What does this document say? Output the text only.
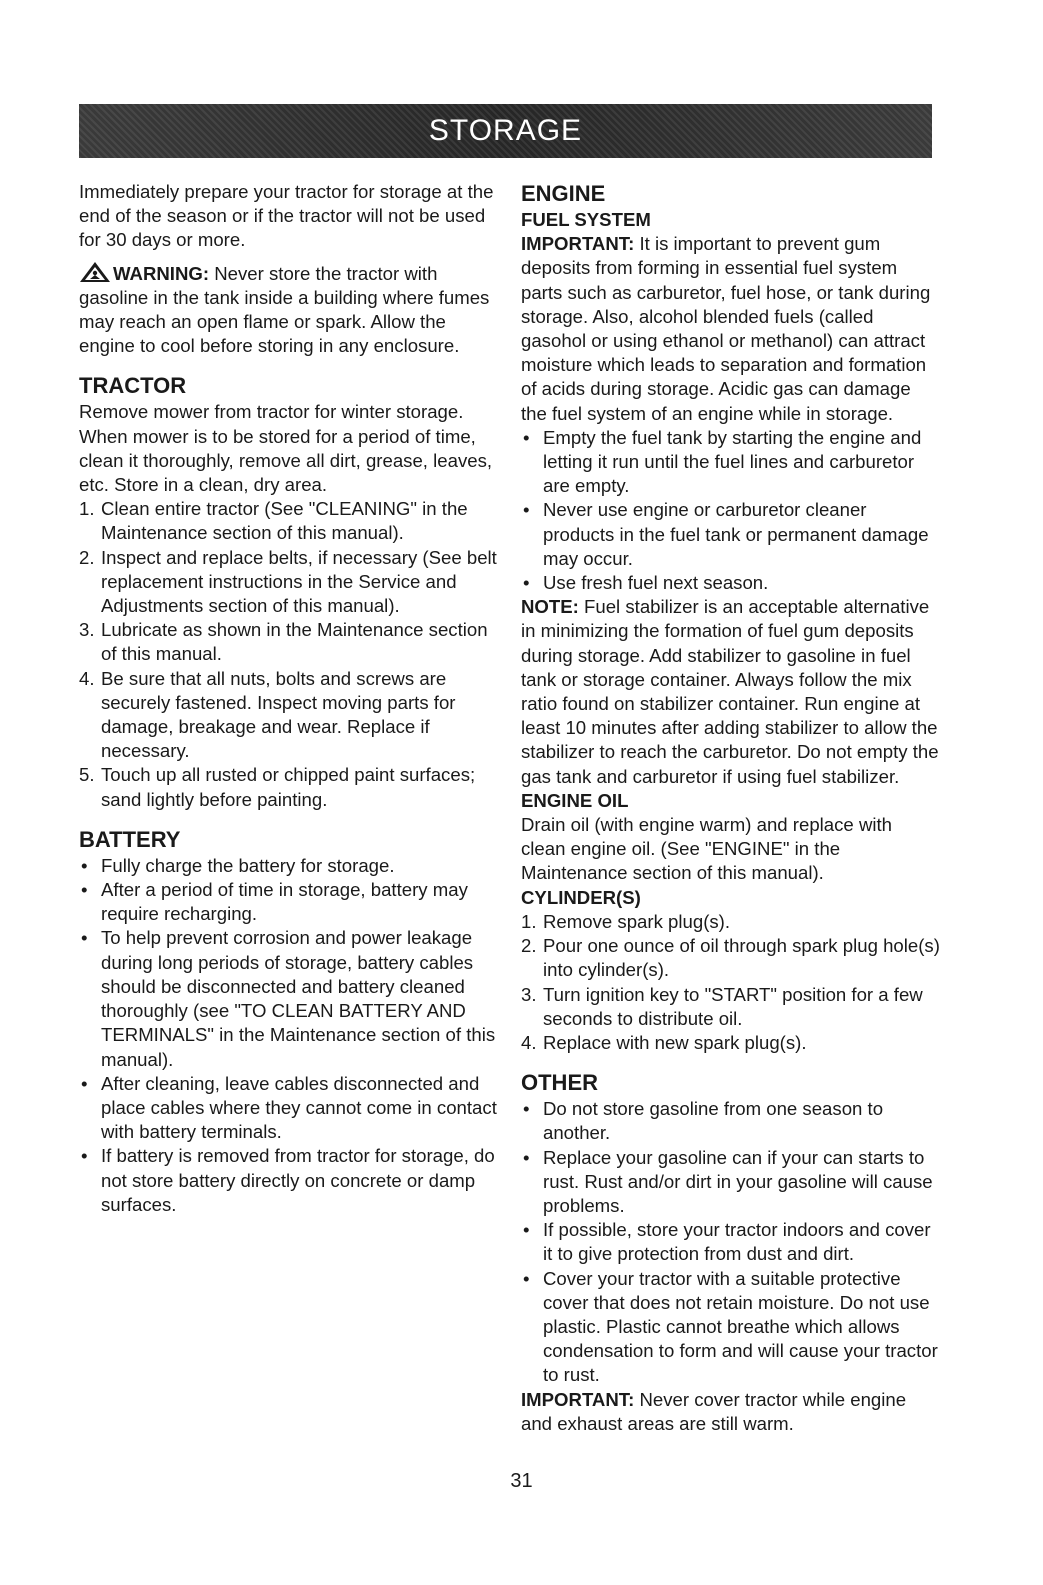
STORAGE

Immediately prepare your tractor for storage at the end of the season or if the tractor will not be used for 30 days or more.

WARNING: Never store the tractor with gasoline in the tank inside a building where fumes may reach an open flame or spark. Allow the engine to cool before storing in any enclosure.

TRACTOR

Remove mower from tractor for winter storage. When mower is to be stored for a period of time, clean it thoroughly, remove all dirt, grease, leaves, etc. Store in a clean, dry area.

1. Clean entire tractor (See "CLEANING" in the Maintenance section of this manual).
2. Inspect and replace belts, if necessary (See belt replacement instructions in the Service and Adjustments section of this manual).
3. Lubricate as shown in the Maintenance section of this manual.
4. Be sure that all nuts, bolts and screws are securely fastened. Inspect moving parts for damage, breakage and wear. Replace if necessary.
5. Touch up all rusted or chipped paint surfaces; sand lightly before painting.
BATTERY
• Fully charge the battery for storage.
• After a period of time in storage, battery may require recharging.
• To help prevent corrosion and power leakage during long periods of storage, battery cables should be disconnected and battery cleaned thoroughly (see "TO CLEAN BATTERY AND TERMINALS" in the Maintenance section of this manual).
• After cleaning, leave cables disconnected and place cables where they cannot come in contact with battery terminals.
• If battery is removed from tractor for storage, do not store battery directly on concrete or damp surfaces.
ENGINE
FUEL SYSTEM

IMPORTANT: It is important to prevent gum deposits from forming in essential fuel system parts such as carburetor, fuel hose, or tank during storage. Also, alcohol blended fuels (called gasohol or using ethanol or methanol) can attract moisture which leads to separation and formation of acids during storage. Acidic gas can damage the fuel system of an engine while in storage.

• Empty the fuel tank by starting the engine and letting it run until the fuel lines and carburetor are empty.
• Never use engine or carburetor cleaner products in the fuel tank or permanent damage may occur.
• Use fresh fuel next season.

NOTE: Fuel stabilizer is an acceptable alternative in minimizing the formation of fuel gum deposits during storage. Add stabilizer to gasoline in fuel tank or storage container. Always follow the mix ratio found on stabilizer container. Run engine at least 10 minutes after adding stabilizer to allow the stabilizer to reach the carburetor. Do not empty the gas tank and carburetor if using fuel stabilizer.

ENGINE OIL

Drain oil (with engine warm) and replace with clean engine oil. (See "ENGINE" in the Maintenance section of this manual).

CYLINDER(S)
1. Remove spark plug(s).
2. Pour one ounce of oil through spark plug hole(s) into cylinder(s).
3. Turn ignition key to "START" position for a few seconds to distribute oil.
4. Replace with new spark plug(s).
OTHER
• Do not store gasoline from one season to another.
• Replace your gasoline can if your can starts to rust. Rust and/or dirt in your gasoline will cause problems.
• If possible, store your tractor indoors and cover it to give protection from dust and dirt.
• Cover your tractor with a suitable protective cover that does not retain moisture. Do not use plastic. Plastic cannot breathe which allows condensation to form and will cause your tractor to rust.

IMPORTANT: Never cover tractor while engine and exhaust areas are still warm.

31
